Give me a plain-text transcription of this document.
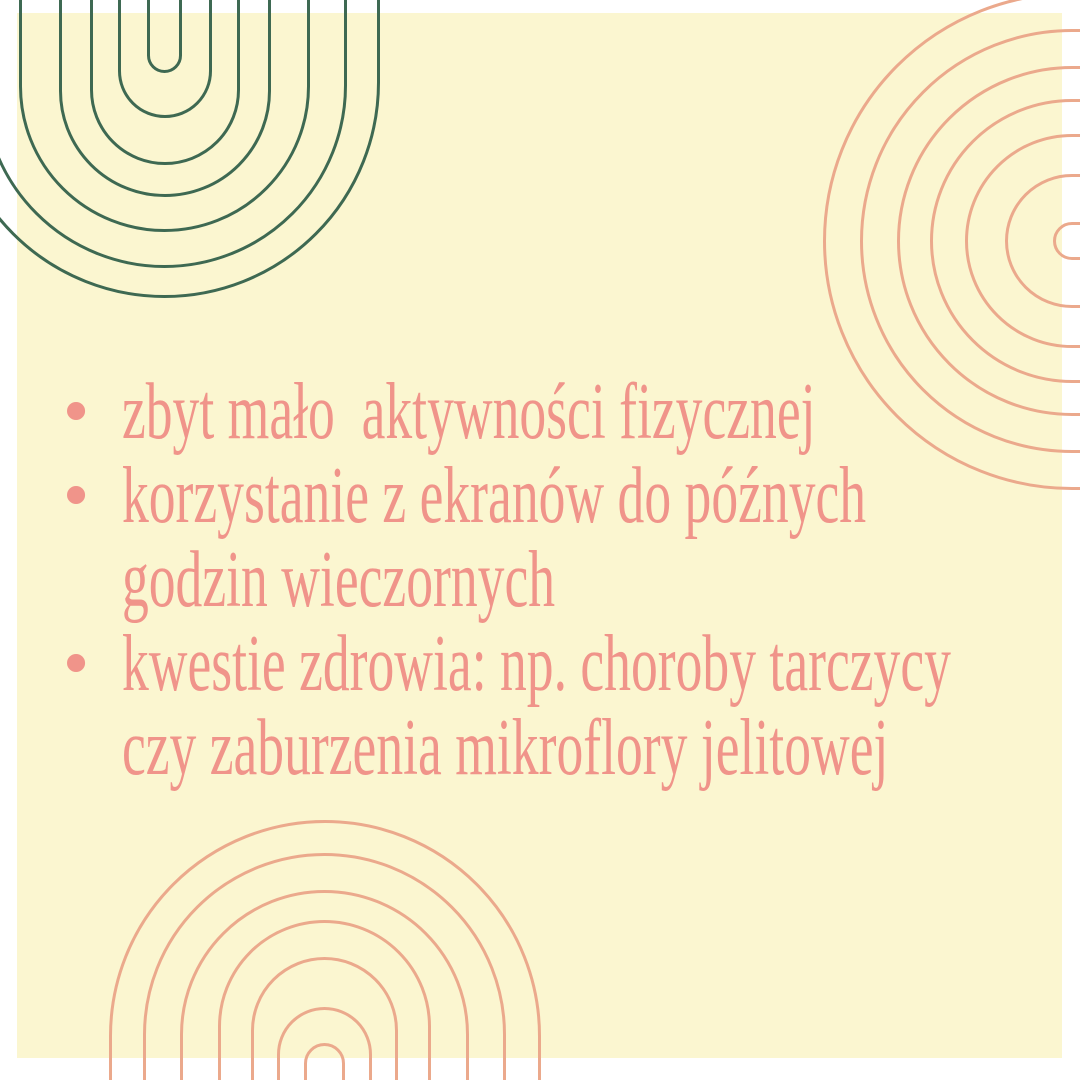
zbyt mało  aktywności fizycznej
korzystanie z ekranów do późnych
godzin wieczornych
kwestie zdrowia: np. choroby tarczycy
czy zaburzenia mikroflory jelitowej
